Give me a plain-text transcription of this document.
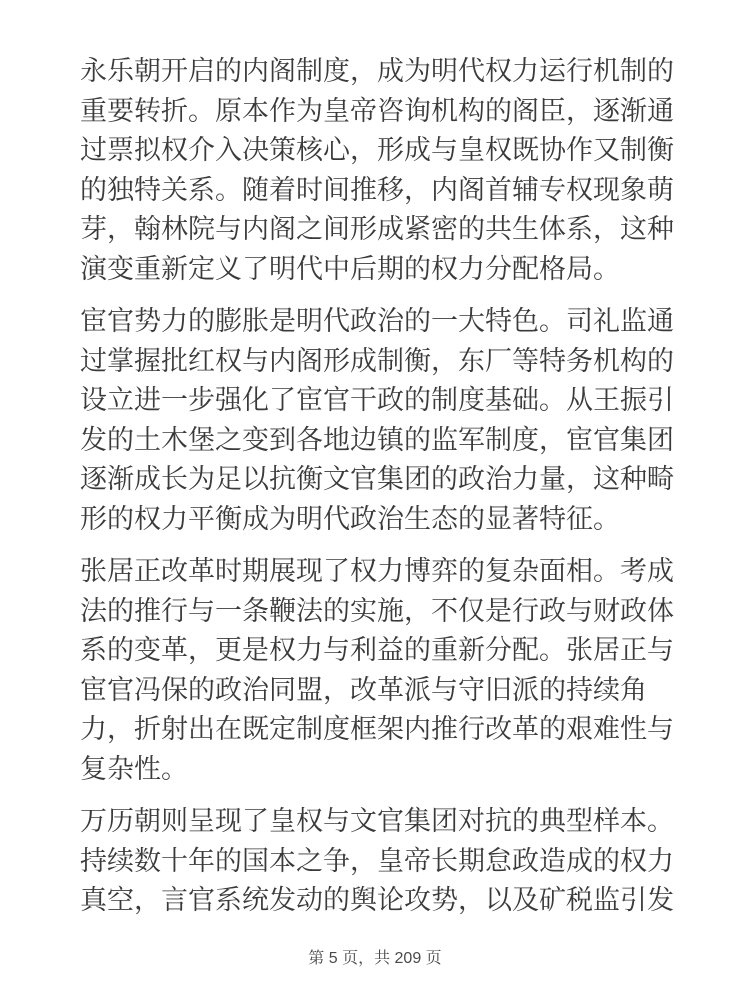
永乐朝开启的内阁制度，成为明代权力运行机制的重要转折。原本作为皇帝咨询机构的阁臣，逐渐通过票拟权介入决策核心，形成与皇权既协作又制衡的独特关系。随着时间推移，内阁首辅专权现象萌芽，翰林院与内阁之间形成紧密的共生体系，这种演变重新定义了明代中后期的权力分配格局。

宦官势力的膨胀是明代政治的一大特色。司礼监通过掌握批红权与内阁形成制衡，东厂等特务机构的设立进一步强化了宦官干政的制度基础。从王振引发的土木堡之变到各地边镇的监军制度，宦官集团逐渐成长为足以抗衡文官集团的政治力量，这种畸形的权力平衡成为明代政治生态的显著特征。

张居正改革时期展现了权力博弈的复杂面相。考成法的推行与一条鞭法的实施，不仅是行政与财政体系的变革，更是权力与利益的重新分配。张居正与宦官冯保的政治同盟，改革派与守旧派的持续角力，折射出在既定制度框架内推行改革的艰难性与复杂性。

万历朝则呈现了皇权与文官集团对抗的典型样本。持续数十年的国本之争，皇帝长期怠政造成的权力真空，言官系统发动的舆论攻势，以及矿税监引发

第 5 页，共 209 页
